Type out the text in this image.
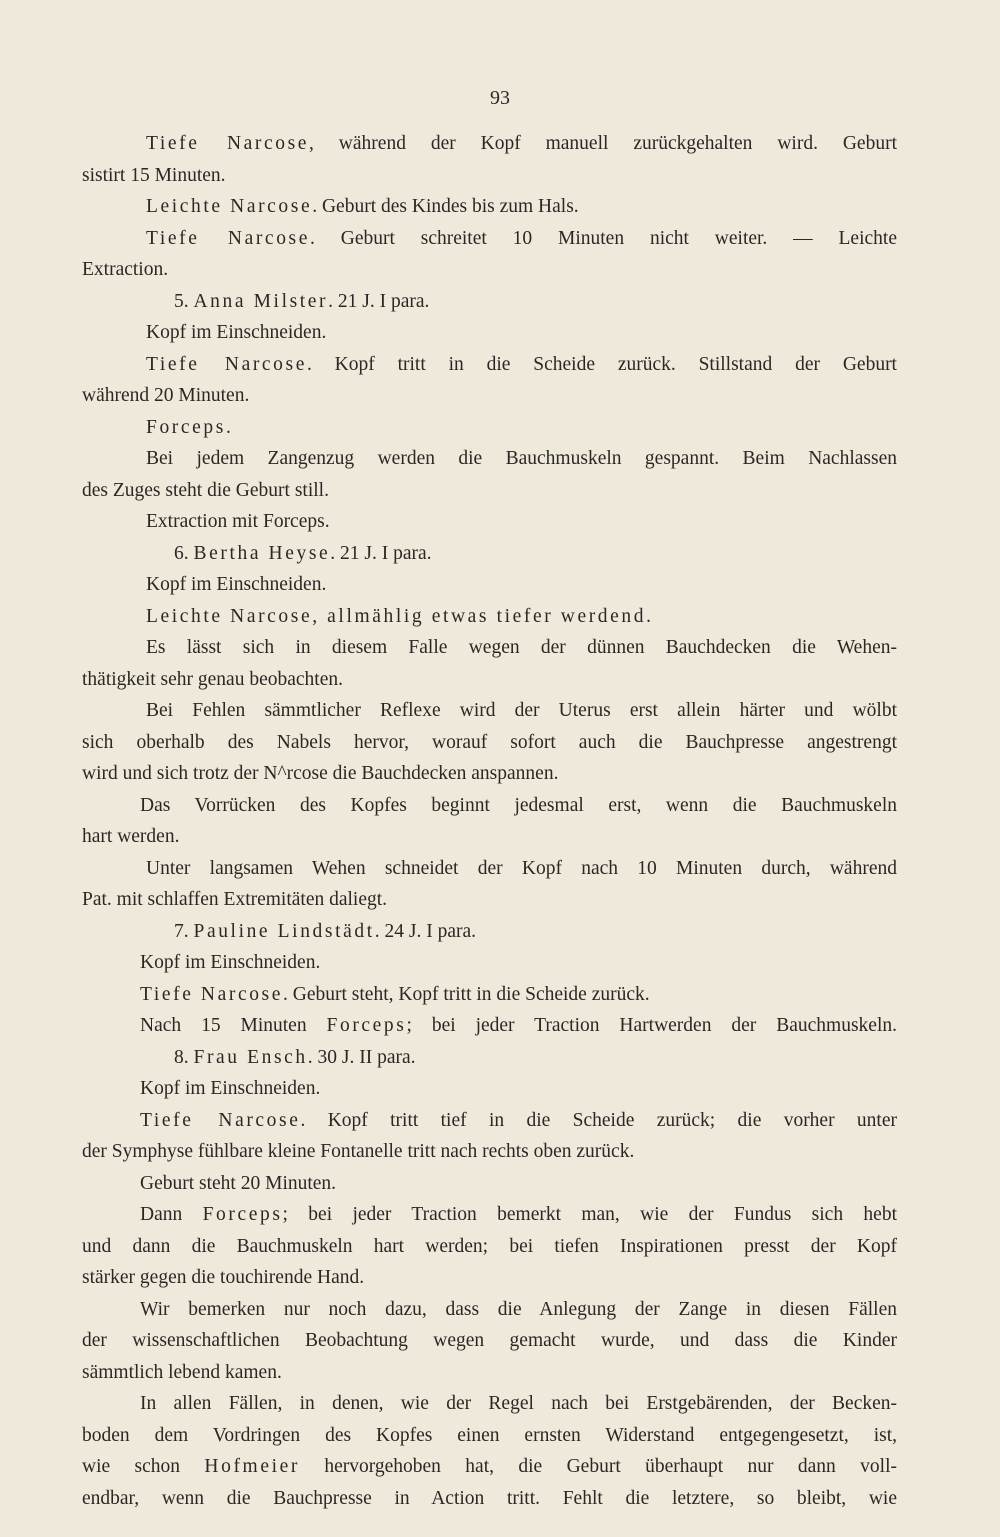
93
Tiefe Narcose, während der Kopf manuell zurückgehalten wird. Geburt
sistirt 15 Minuten.
Leichte Narcose. Geburt des Kindes bis zum Hals.
Tiefe Narcose. Geburt schreitet 10 Minuten nicht weiter. — Leichte
Extraction.
5. Anna Milster. 21 J. I para.
Kopf im Einschneiden.
Tiefe Narcose. Kopf tritt in die Scheide zurück. Stillstand der Geburt
während 20 Minuten.
Forceps.
Bei jedem Zangenzug werden die Bauchmuskeln gespannt. Beim Nachlassen
des Zuges steht die Geburt still.
Extraction mit Forceps.
6. Bertha Heyse. 21 J. I para.
Kopf im Einschneiden.
Leichte Narcose, allmählig etwas tiefer werdend.
Es lässt sich in diesem Falle wegen der dünnen Bauchdecken die Wehen-
thätigkeit sehr genau beobachten.
Bei Fehlen sämmtlicher Reflexe wird der Uterus erst allein härter und wölbt
sich oberhalb des Nabels hervor, worauf sofort auch die Bauchpresse angestrengt
wird und sich trotz der N^rcose die Bauchdecken anspannen.
Das Vorrücken des Kopfes beginnt jedesmal erst, wenn die Bauchmuskeln
hart werden.
Unter langsamen Wehen schneidet der Kopf nach 10 Minuten durch, während
Pat. mit schlaffen Extremitäten daliegt.
7. Pauline Lindstädt. 24 J. I para.
Kopf im Einschneiden.
Tiefe Narcose. Geburt steht, Kopf tritt in die Scheide zurück.
Nach 15 Minuten Forceps; bei jeder Traction Hartwerden der Bauchmuskeln.
8. Frau Ensch. 30 J. II para.
Kopf im Einschneiden.
Tiefe Narcose. Kopf tritt tief in die Scheide zurück; die vorher unter
der Symphyse fühlbare kleine Fontanelle tritt nach rechts oben zurück.
Geburt steht 20 Minuten.
Dann Forceps; bei jeder Traction bemerkt man, wie der Fundus sich hebt
und dann die Bauchmuskeln hart werden; bei tiefen Inspirationen presst der Kopf
stärker gegen die touchirende Hand.
Wir bemerken nur noch dazu, dass die Anlegung der Zange in diesen Fällen
der wissenschaftlichen Beobachtung wegen gemacht wurde, und dass die Kinder
sämmtlich lebend kamen.
In allen Fällen, in denen, wie der Regel nach bei Erstgebärenden, der Becken-
boden dem Vordringen des Kopfes einen ernsten Widerstand entgegengesetzt, ist,
wie schon Hofmeier hervorgehoben hat, die Geburt überhaupt nur dann voll-
endbar, wenn die Bauchpresse in Action tritt. Fehlt die letztere, so bleibt, wie
